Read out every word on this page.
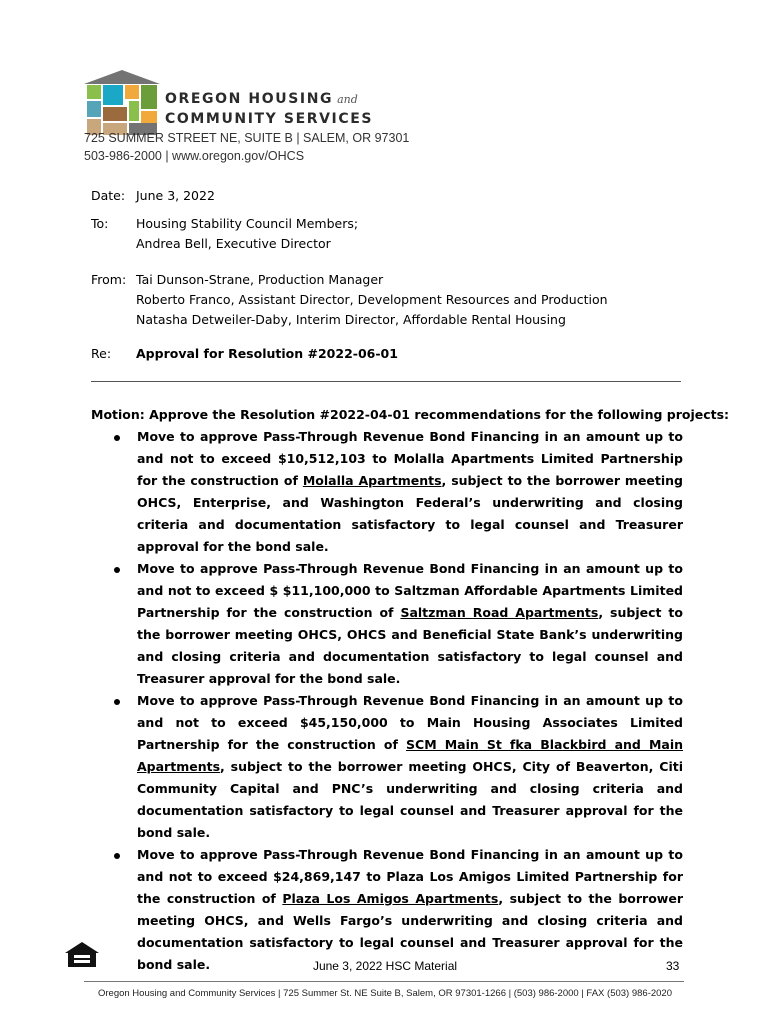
OREGON HOUSING and
COMMUNITY SERVICES
725 SUMMER STREET NE, SUITE B | SALEM, OR 97301
503-986-2000 | www.oregon.gov/OHCS
Date: June 3, 2022
To:	Housing Stability Council Members;
Andrea Bell, Executive Director
From: Tai Dunson-Strane, Production Manager
Roberto Franco, Assistant Director, Development Resources and Production
Natasha Detweiler-Daby, Interim Director, Affordable Rental Housing
Re:	Approval for Resolution #2022-06-01
Motion: Approve the Resolution #2022-04-01 recommendations for the following projects:
Move to approve Pass-Through Revenue Bond Financing in an amount up to and not to exceed $10,512,103 to Molalla Apartments Limited Partnership for the construction of Molalla Apartments, subject to the borrower meeting OHCS, Enterprise, and Washington Federal’s underwriting and closing criteria and documentation satisfactory to legal counsel and Treasurer approval for the bond sale.
Move to approve Pass-Through Revenue Bond Financing in an amount up to and not to exceed $ $11,100,000 to Saltzman Affordable Apartments Limited Partnership for the construction of Saltzman Road Apartments, subject to the borrower meeting OHCS, OHCS and Beneficial State Bank’s underwriting and closing criteria and documentation satisfactory to legal counsel and Treasurer approval for the bond sale.
Move to approve Pass-Through Revenue Bond Financing in an amount up to and not to exceed $45,150,000 to Main Housing Associates Limited Partnership for the construction of SCM Main St fka Blackbird and Main Apartments, subject to the borrower meeting OHCS, City of Beaverton, Citi Community Capital and PNC’s underwriting and closing criteria and documentation satisfactory to legal counsel and Treasurer approval for the bond sale.
Move to approve Pass-Through Revenue Bond Financing in an amount up to and not to exceed $24,869,147 to Plaza Los Amigos Limited Partnership for the construction of Plaza Los Amigos Apartments, subject to the borrower meeting OHCS, and Wells Fargo’s underwriting and closing criteria and documentation satisfactory to legal counsel and Treasurer approval for the bond sale.	June 3, 2022 HSC Material	33
Oregon Housing and Community Services | 725 Summer St. NE Suite B, Salem, OR 97301-1266 | (503) 986-2000 | FAX (503) 986-2020
